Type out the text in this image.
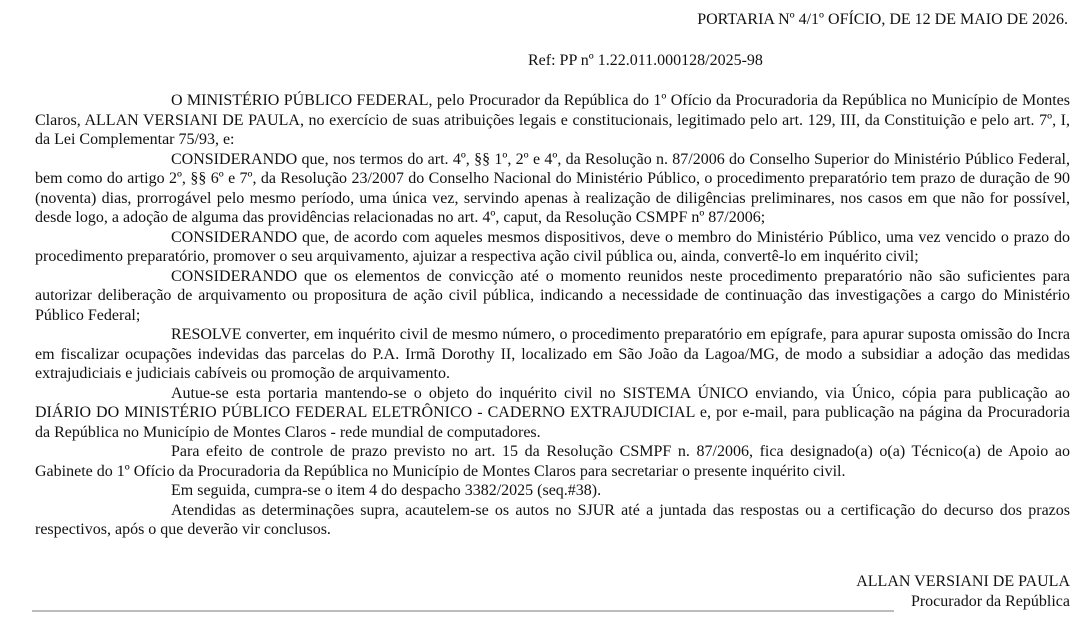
PORTARIA Nº 4/1º OFÍCIO, DE 12 DE MAIO DE 2026.
Ref: PP nº 1.22.011.000128/2025-98

O MINISTÉRIO PÚBLICO FEDERAL, pelo Procurador da República do 1º Ofício da Procuradoria da República no Município de Montes Claros, ALLAN VERSIANI DE PAULA, no exercício de suas atribuições legais e constitucionais, legitimado pelo art. 129, III, da Constituição e pelo art. 7º, I, da Lei Complementar 75/93, e:

CONSIDERANDO que, nos termos do art. 4º, §§ 1º, 2º e 4º, da Resolução n. 87/2006 do Conselho Superior do Ministério Público Federal, bem como do artigo 2º, §§ 6º e 7º, da Resolução 23/2007 do Conselho Nacional do Ministério Público, o procedimento preparatório tem prazo de duração de 90 (noventa) dias, prorrogável pelo mesmo período, uma única vez, servindo apenas à realização de diligências preliminares, nos casos em que não for possível, desde logo, a adoção de alguma das providências relacionadas no art. 4º, caput, da Resolução CSMPF nº 87/2006;

CONSIDERANDO que, de acordo com aqueles mesmos dispositivos, deve o membro do Ministério Público, uma vez vencido o prazo do procedimento preparatório, promover o seu arquivamento, ajuizar a respectiva ação civil pública ou, ainda, convertê-lo em inquérito civil;

CONSIDERANDO que os elementos de convicção até o momento reunidos neste procedimento preparatório não são suficientes para autorizar deliberação de arquivamento ou propositura de ação civil pública, indicando a necessidade de continuação das investigações a cargo do Ministério Público Federal;

RESOLVE converter, em inquérito civil de mesmo número, o procedimento preparatório em epígrafe, para apurar suposta omissão do Incra em fiscalizar ocupações indevidas das parcelas do P.A. Irmã Dorothy II, localizado em São João da Lagoa/MG, de modo a subsidiar a adoção das medidas extrajudiciais e judiciais cabíveis ou promoção de arquivamento.

Autue-se esta portaria mantendo-se o objeto do inquérito civil no SISTEMA ÚNICO enviando, via Único, cópia para publicação ao DIÁRIO DO MINISTÉRIO PÚBLICO FEDERAL ELETRÔNICO - CADERNO EXTRAJUDICIAL e, por e-mail, para publicação na página da Procuradoria da República no Município de Montes Claros - rede mundial de computadores.

Para efeito de controle de prazo previsto no art. 15 da Resolução CSMPF n. 87/2006, fica designado(a) o(a) Técnico(a) de Apoio ao Gabinete do 1º Ofício da Procuradoria da República no Município de Montes Claros para secretariar o presente inquérito civil.

Em seguida, cumpra-se o item 4 do despacho 3382/2025 (seq.#38).

Atendidas as determinações supra, acautelem-se os autos no SJUR até a juntada das respostas ou a certificação do decurso dos prazos respectivos, após o que deverão vir conclusos.

ALLAN VERSIANI DE PAULA
Procurador da República
